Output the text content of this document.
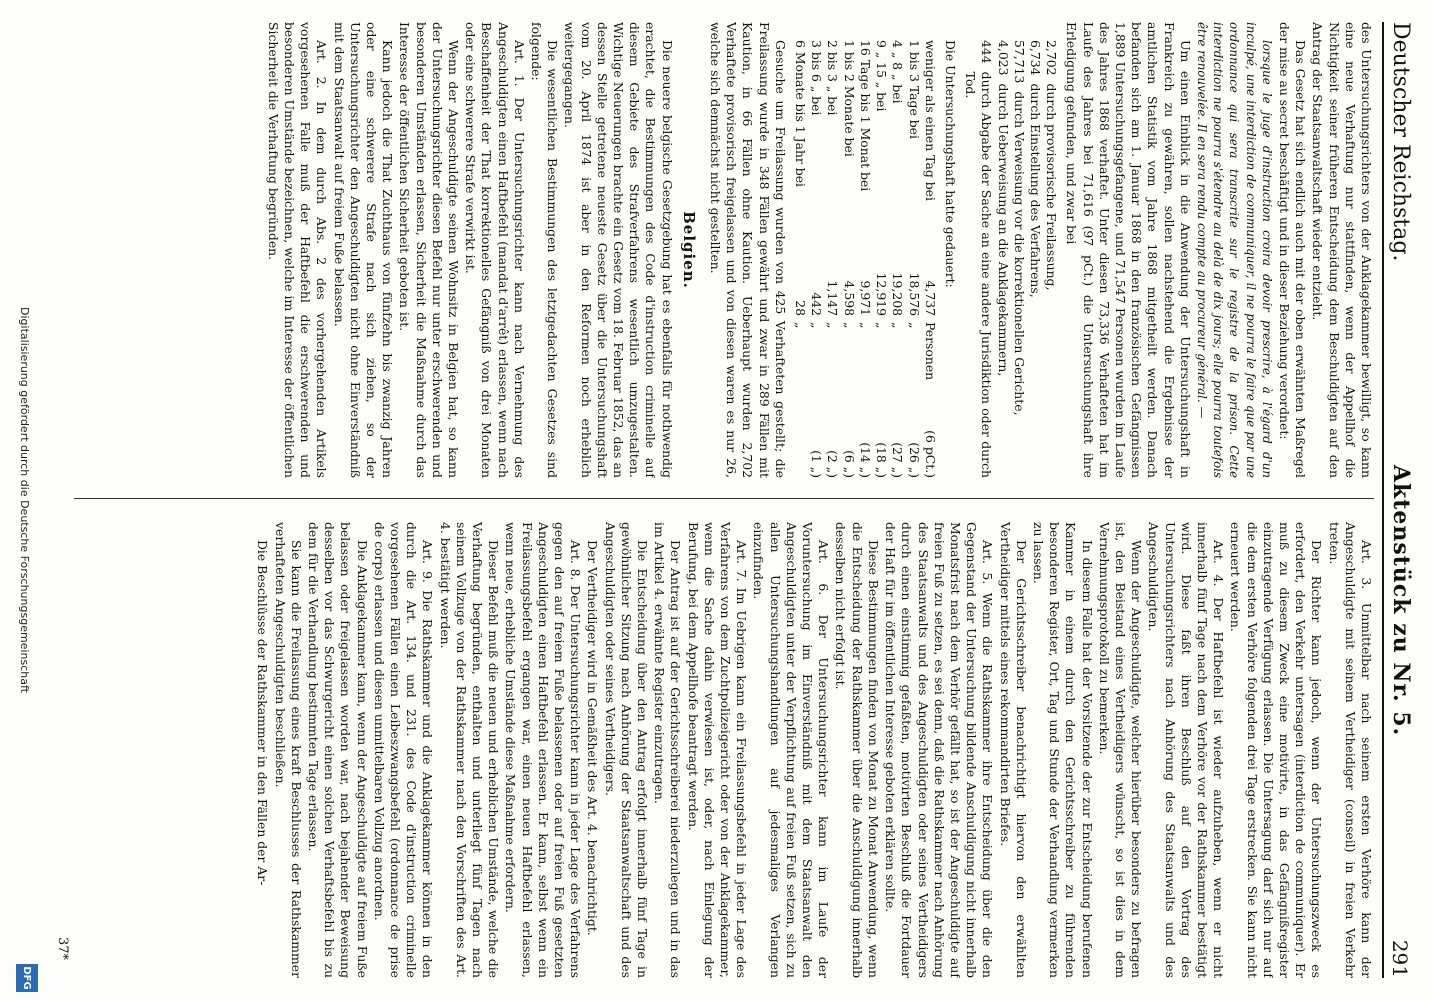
Deutscher Reichstag.
Aktenstück zu Nr. 5.
291

des Untersuchungsrichters von der Anklagekammer bewilligt, so kann eine neue Verhaftung nur stattfinden, wenn der Appellhof die Nichtigkeit seiner früheren Entscheidung dem Beschuldigten auf den Antrag der Staatsanwaltschaft wieder entzieht.

Das Gesetz hat sich endlich auch mit der oben erwähnten Maßregel der mise au secret beschäftigt und in dieser Beziehung verordnet:

lorsque le juge d'instruction croira devoir prescrire, à l'égard d'un inculpé, une interdiction de communiquer, il ne pourra le faire que par une ordonnance qui sera transcrite sur le registre de la prison. Cette interdiction ne pourra s'étendre au delà de dix jours; elle pourra toutefois être renouvelée. Il en sera rendu compte au procureur général. —

Um einen Einblick in die Anwendung der Untersuchungshaft in Frankreich zu gewähren, sollen nachstehend die Ergebnisse der amtlichen Statistik vom Jahre 1868 mitgetheilt werden. Danach befanden sich am 1. Januar 1868 in den französischen Gefängnissen 1,889 Untersuchungsgefangene, und 71,547 Personen wurden im Laufe des Jahres 1868 verhaftet. Unter diesen 73,336 Verhafteten hat im Laufe des Jahres bei 71,616 (97 pCt.) die Untersuchungshaft ihre Erledigung gefunden, und zwar bei

2,702
durch provisorische Freilassung,
6,734
durch Einstellung des Verfahrens,
57,713
durch Verweisung vor die korrektionellen Gerichte,
4,023
durch Ueberweisung an die Anklagekammern,
444
durch Abgabe der Sache an eine andere Jurisdiktion oder durch Tod.

Die Untersuchungshaft hatte gedauert:

weniger als einen Tag bei
4,737
Personen
(6 pCt.)
1 bis 3 Tage bei
18,576
„
(26 „)
4 „ 8 „ bei
19,208
„
(27 „)
9 „ 15 „ bei
12,919
„
(18 „)
16 Tage bis 1 Monat bei
9,971
„
(14 „)
1 bis 2 Monate bei
4,598
„
(6 „)
2 bis 3 „ bei
1,147
„
(2 „)
3 bis 6 „ bei
442
„
(1 „)
6 Monate bis 1 Jahr bei
28
„

Gesuche um Freilassung wurden von 425 Verhafteten gestellt; die Freilassung wurde in 348 Fällen gewährt und zwar in 289 Fällen mit Kaution, in 66 Fällen ohne Kaution. Ueberhaupt wurden 2,702 Verhaftete provisorisch freigelassen und von diesen waren es nur 26, welche sich demnächst nicht gestellten.

Belgien.

Die neuere belgische Gesetzgebung hat es ebenfalls für nothwendig erachtet, die Bestimmungen des Code d'instruction criminelle auf diesem Gebiete des Strafverfahrens wesentlich umzugestalten. Wichtige Neuerungen brachte ein Gesetz vom 18. Februar 1852, das an dessen Stelle getretene neueste Gesetz über die Untersuchungshaft vom 20. April 1874 ist aber in den Reformen noch erheblich weitergegangen.

Die wesentlichen Bestimmungen des letztgedachten Gesetzes sind folgende:

Art. 1. Der Untersuchungsrichter kann nach Vernehmung des Angeschuldigten einen Haftbefehl (mandat d'arrêt) erlassen, wenn nach Beschaffenheit der That korrektionelles Gefängniß von drei Monaten oder eine schwerere Strafe verwirkt ist.

Wenn der Angeschuldigte seinen Wohnsitz in Belgien hat, so kann der Untersuchungsrichter diesen Befehl nur unter erschwerenden und besonderen Umständen erlassen, Sicherheit die Maßnahme durch das Interesse der öffentlichen Sicherheit geboten ist.

Kann jedoch die That Zuchthaus von fünfzehn bis zwanzig Jahren oder eine schwerere Strafe nach sich ziehen, so der Untersuchungsrichter den Angeschuldigten nicht ohne Einverständniß mit dem Staatsanwalt auf freiem Fuße belassen.

Art. 2. In dem durch Abs. 2 des vorhergehenden Artikels vorgesehenen Falle muß der Haftbefehl die erschwerenden und besonderen Umstände bezeichnen, welche im Interesse der öffentlichen Sicherheit die Verhaftung begründen.

Art. 3. Unmittelbar nach seinem ersten Verhöre kann der Angeschuldigte mit seinem Vertheidiger (conseil) in freien Verkehr treten.

Der Richter kann jedoch, wenn der Untersuchungszweck es erfordert, den Verkehr untersagen (interdiction de communiquer). Er muß zu diesem Zweck eine motivirte, in das Gefängnißregister einzutragende Verfügung erlassen. Die Untersagung darf sich nur auf die dem ersten Verhöre folgenden drei Tage erstrecken. Sie kann nicht erneuert werden.

Art. 4. Der Haftbefehl ist wieder aufzuheben, wenn er nicht innerhalb fünf Tage nach dem Verhöre vor der Rathskammer bestätigt wird. Diese faßt ihren Beschluß auf den Vortrag des Untersuchungsrichters nach Anhörung des Staatsanwalts und des Angeschuldigten.

Wenn der Angeschuldigte, welcher hierüber besonders zu befragen ist, den Beistand eines Vertheidigers wünscht, so ist dies in dem Vernehmungsprotokoll zu bemerken.

In diesem Falle hat der Vorsitzende der zur Entscheidung berufenen Kammer in einem durch den Gerichtsschreiber zu führenden besonderen Register, Ort, Tag und Stunde der Verhandlung vermerken zu lassen.

Der Gerichtsschreiber benachrichtigt hiervon den erwählten Vertheidiger mittels eines rekommandirten Briefes.

Art. 5. Wenn die Rathskammer ihre Entscheidung über die den Gegenstand der Untersuchung bildende Anschuldigung nicht innerhalb Monatsfrist nach dem Verhör gefällt hat, so ist der Angeschuldigte auf freien Fuß zu setzen, es sei denn, daß die Rathskammer nach Anhörung des Staatsanwalts und des Angeschuldigten oder seines Vertheidigers durch einen einstimmig gefaßten, motivirten Beschluß die Fortdauer der Haft für im öffentlichen Interesse geboten erklären sollte.

Diese Bestimmungen finden von Monat zu Monat Anwendung, wenn die Entscheidung der Rathskammer über die Anschuldigung innerhalb desselben nicht erfolgt ist.

Art. 6. Der Untersuchungsrichter kann im Laufe der Voruntersuchung im Einverständniß mit dem Staatsanwalt den Angeschuldigten unter der Verpflichtung auf freien Fuß setzen, sich zu allen Untersuchungshandlungen auf jedesmaliges Verlangen einzufinden.

Art. 7. Im Uebrigen kann ein Freilassungsbefehl in jeder Lage des Verfahrens von dem Zuchtpolizeigericht oder von der Anklagekammer, wenn die Sache dahin verwiesen ist, oder, nach Einlegung der Berufung, bei dem Appellhofe beantragt werden.

Der Antrag ist auf der Gerichtsschreiberei niederzulegen und in das im Artikel 4. erwähnte Register einzutragen.

Die Entscheidung über den Antrag erfolgt innerhalb fünf Tage in gewöhnlicher Sitzung nach Anhörung der Staatsanwaltschaft und des Angeschuldigten oder seines Vertheidigers.

Der Vertheidiger wird in Gemäßheit des Art. 4. benachrichtigt.

Art. 8. Der Untersuchungsrichter kann in jeder Lage des Verfahrens gegen den auf freiem Fuße belassenen oder auf freien Fuß gesetzten Angeschuldigten einen Haftbefehl erlassen. Er kann, selbst wenn ein Freilassungsbefehl ergangen war, einen neuen Haftbefehl erlassen, wenn neue, erhebliche Umstände diese Maßnahme erfordern.

Dieser Befehl muß die neuen und erheblichen Umstände, welche die Verhaftung begründen, enthalten und unterliegt fünf Tagen nach seinem Vollzuge von der Rathskammer nach den Vorschriften des Art. 4. bestätigt werden.

Art. 9. Die Rathskammer und die Anklagekammer können in den durch die Art. 134. und 231. des Code d'instruction criminelle vorgesehenen Fällen einen Leibeszwangsbefehl (ordonnance de prise de corps) erlassen und diesen unmittelbaren Vollzug anordnen.

Die Anklagekammer kann, wenn der Angeschuldigte auf freiem Fuße belassen oder freigelassen worden war, nach bejahender Beweisung desselben vor das Schwurgericht einen solchen Verhaftsbefehl bis zu dem für die Verhandlung bestimmten Tage erlassen.

Sie kann die Freilassung eines kraft Beschlusses der Rathskammer verhafteten Angeschuldigten beschließen.

Die Beschlüsse der Rathskammer in den Fällen der Ar-

37*
Digitalisierung gefördert durch die Deutsche Forschungsgemeinschaft
DFG
